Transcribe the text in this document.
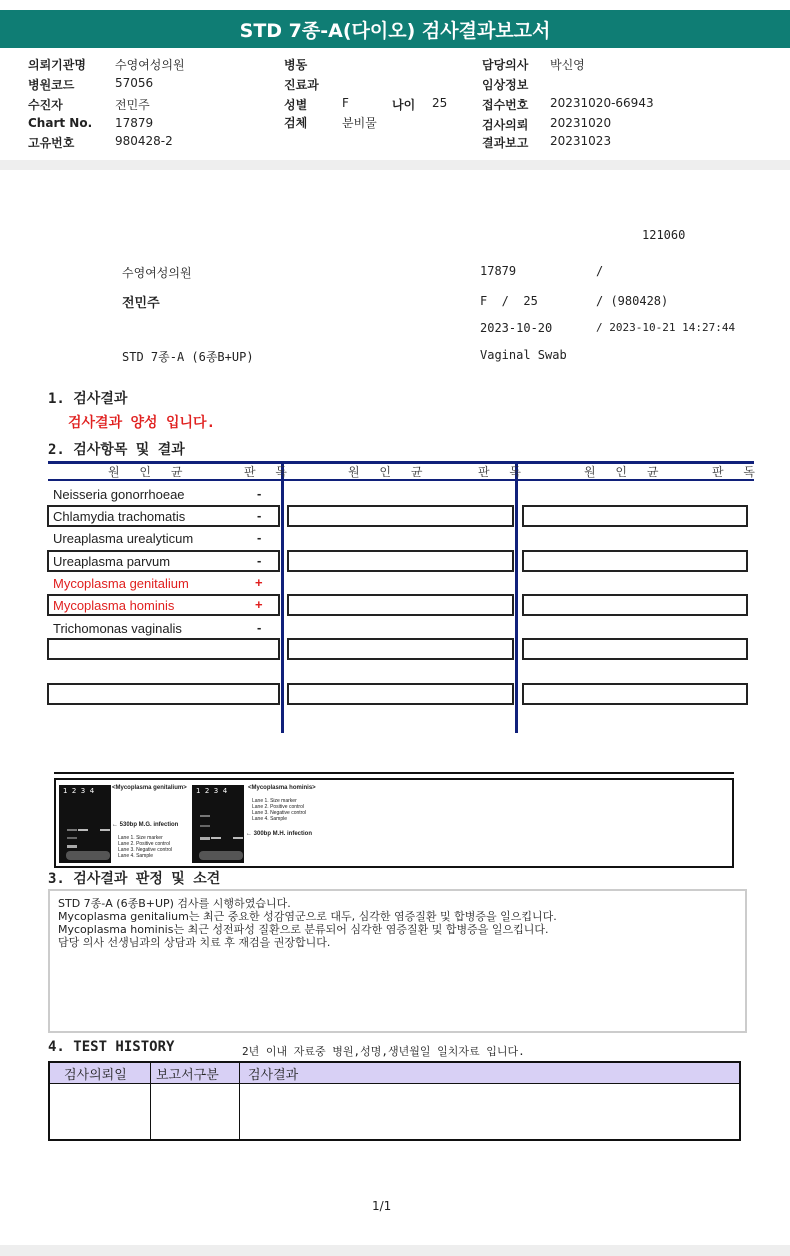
STD 7종-A(다이오) 검사결과보고서
의뢰기관명 수영여성의원
병원코드	57056
수진자	전민주
Chart No. 17879
고유번호	980428-2
병동
진료과
성별	F	나이 25
검체	분비물
담당의사 박신영
임상정보
접수번호 20231020-66943
검사의뢰 20231020
결과보고 20231023
121060
수영여성의원	17879	/
전민주	F  /  25	/ (980428)
2023-10-20	/ 2023-10-21 14:27:44
STD 7종-A (6종B+UP)	Vaginal Swab
1. 검사결과
검사결과 양성 입니다.
2. 검사항목 및 결과
원 인 균	판 독	원 인 균	판 독	원 인 균	판 독
Neisseria gonorrhoeae	-
Chlamydia trachomatis	-
Ureaplasma urealyticum	-
Ureaplasma parvum	-
Mycoplasma genitalium	+
Mycoplasma hominis	+
Trichomonas vaginalis	-
1  2  3  4	<Mycoplasma genitalium>
← 530bp M.G. infection
Lane 1. Size marker
Lane 2. Positive control
Lane 3. Negative control
Lane 4. Sample
1  2  3  4	<Mycoplasma hominis>
Lane 1. Size marker
Lane 2. Positive control
Lane 3. Negative control
Lane 4. Sample
← 300bp M.H. infection
3. 검사결과 판정 및 소견
STD 7종-A (6종B+UP) 검사를 시행하였습니다.
Mycoplasma genitalium는 최근 중요한 성감염군으로 대두, 심각한 염증질환 및 합병증을 일으킵니다.
Mycoplasma hominis는 최근 성전파성 질환으로 분류되어 심각한 염증질환 및 합병증을 일으킵니다.
담당 의사 선생님과의 상담과 치료 후 재검을 권장합니다.
4. TEST HISTORY	2년 이내 자료중 병원,성명,생년월일 일치자료 입니다.
검사의뢰일 보고서구분 검사결과
1/1
